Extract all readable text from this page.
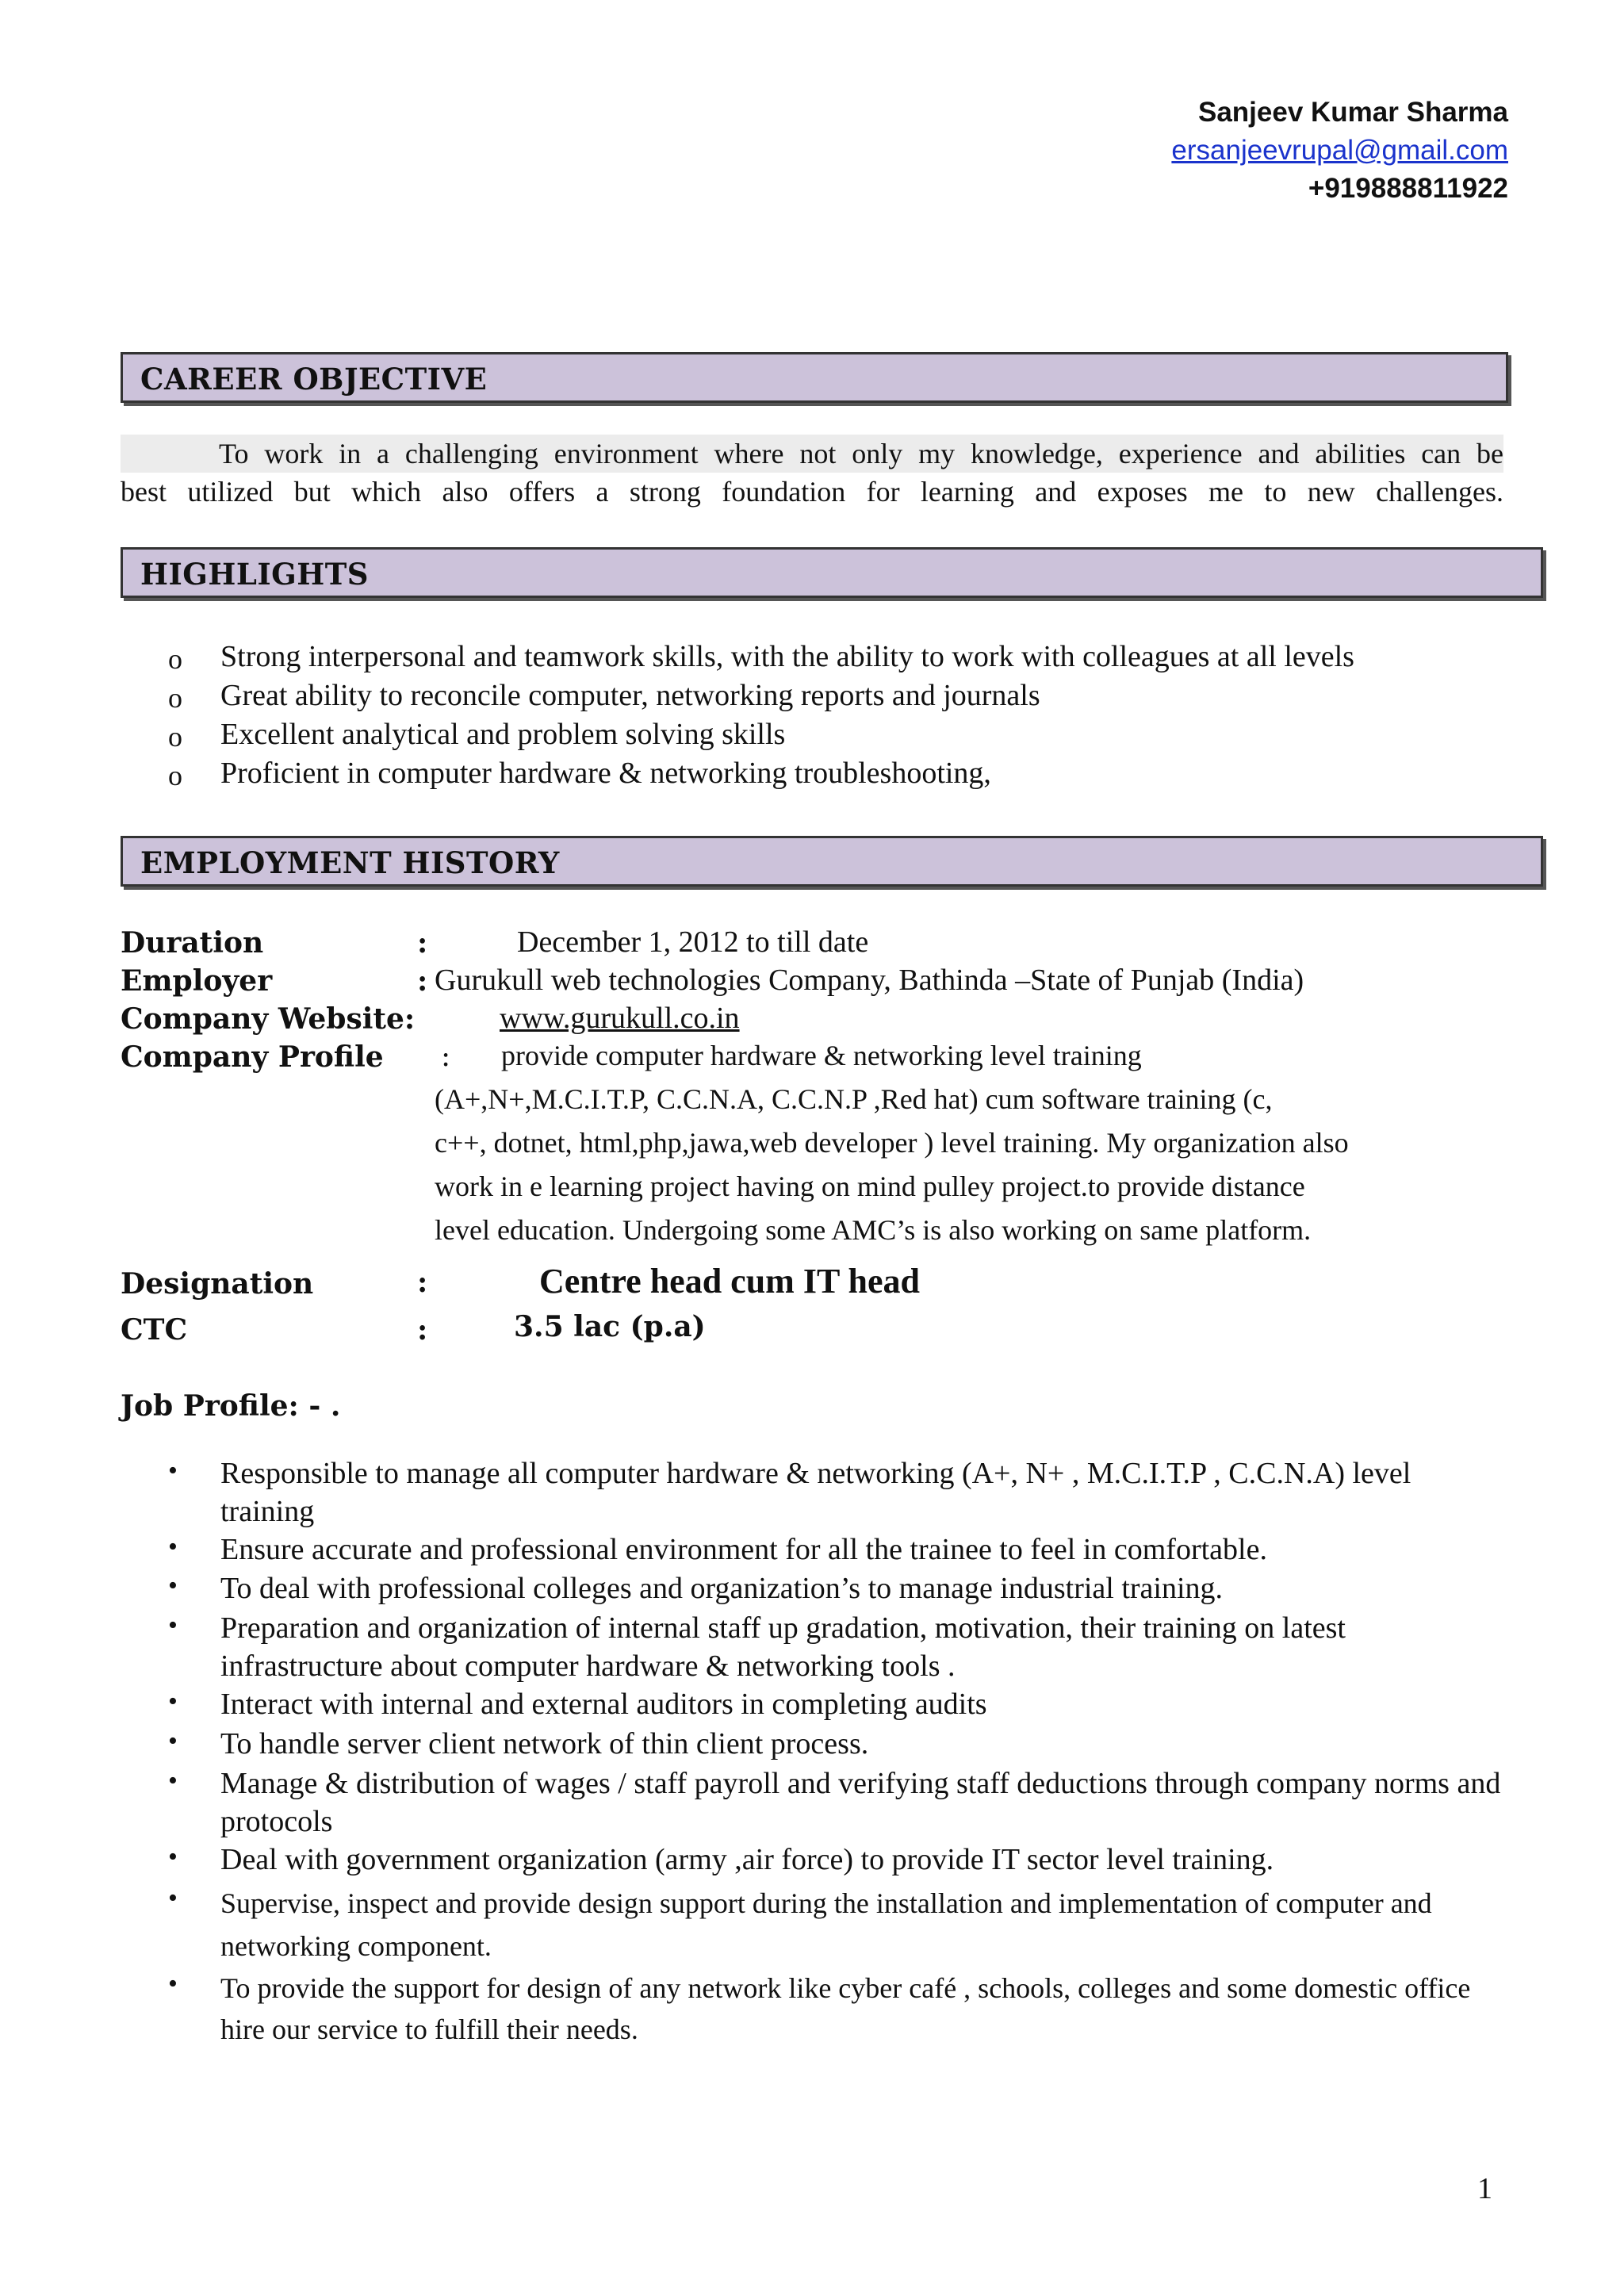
Sanjeev Kumar Sharma
ersanjeevrupal@gmail.com
+919888811922
CAREER OBJECTIVE
To work in a challenging environment where not only my knowledge, experience and abilities can be
best utilized but which also offers a strong foundation for learning and exposes me to new challenges.
HIGHLIGHTS
o Strong interpersonal and teamwork skills, with the ability to work with colleagues at all levels
o Great ability to reconcile computer, networking reports and journals
o Excellent analytical and problem solving skills
o Proficient in computer hardware & networking troubleshooting,
EMPLOYMENT HISTORY
Duration	:	December 1, 2012 to till date
Employer	: Gurukull web technologies Company, Bathinda –State of Punjab (India)
Company Website:	www.gurukull.co.in
Company Profile :	provide computer hardware & networking level training
(A+,N+,M.C.I.T.P, C.C.N.A, C.C.N.P ,Red hat) cum software training (c,
c++, dotnet, html,php,jawa,web developer ) level training. My organization also
work in e learning project having on mind pulley project.to provide distance
level education. Undergoing some AMC’s is also working on same platform.
Designation	:	Centre head cum IT head
CTC	:	3.5 lac (p.a)
Job Profile: - .
• Responsible to manage all computer hardware & networking (A+, N+ , M.C.I.T.P , C.C.N.A) level training
• Ensure accurate and professional environment for all the trainee to feel in comfortable.
• To deal with professional colleges and organization’s to manage industrial training.
• Preparation and organization of internal staff up gradation, motivation, their training on latest infrastructure about computer hardware & networking tools .
• Interact with internal and external auditors in completing audits
• To handle server client network of thin client process.
• Manage & distribution of wages / staff payroll and verifying staff deductions through company norms and protocols
• Deal with government organization (army ,air force) to provide IT sector level training.
• Supervise, inspect and provide design support during the installation and implementation of computer and networking component.
• To provide the support for design of any network like cyber café , schools, colleges and some domestic office hire our service to fulfill their needs.
1
